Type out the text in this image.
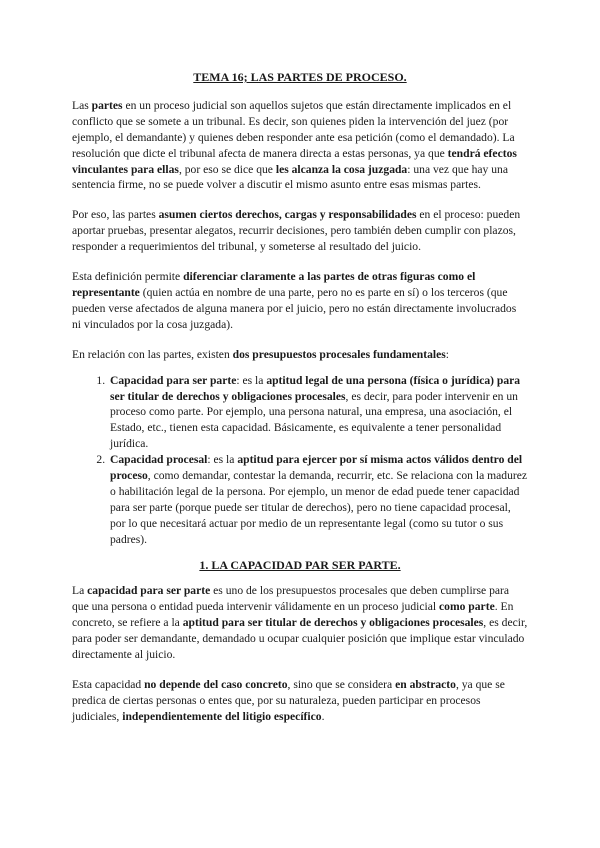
TEMA 16; LAS PARTES DE PROCESO.

Las partes en un proceso judicial son aquellos sujetos que están directamente implicados en el conflicto que se somete a un tribunal. Es decir, son quienes piden la intervención del juez (por ejemplo, el demandante) y quienes deben responder ante esa petición (como el demandado). La resolución que dicte el tribunal afecta de manera directa a estas personas, ya que tendrá efectos vinculantes para ellas, por eso se dice que les alcanza la cosa juzgada: una vez que hay una sentencia firme, no se puede volver a discutir el mismo asunto entre esas mismas partes.

Por eso, las partes asumen ciertos derechos, cargas y responsabilidades en el proceso: pueden aportar pruebas, presentar alegatos, recurrir decisiones, pero también deben cumplir con plazos, responder a requerimientos del tribunal, y someterse al resultado del juicio.

Esta definición permite diferenciar claramente a las partes de otras figuras como el representante (quien actúa en nombre de una parte, pero no es parte en sí) o los terceros (que pueden verse afectados de alguna manera por el juicio, pero no están directamente involucrados ni vinculados por la cosa juzgada).

En relación con las partes, existen dos presupuestos procesales fundamentales:

1. Capacidad para ser parte: es la aptitud legal de una persona (física o jurídica) para ser titular de derechos y obligaciones procesales, es decir, para poder intervenir en un proceso como parte. Por ejemplo, una persona natural, una empresa, una asociación, el Estado, etc., tienen esta capacidad. Básicamente, es equivalente a tener personalidad jurídica.
2. Capacidad procesal: es la aptitud para ejercer por sí misma actos válidos dentro del proceso, como demandar, contestar la demanda, recurrir, etc. Se relaciona con la madurez o habilitación legal de la persona. Por ejemplo, un menor de edad puede tener capacidad para ser parte (porque puede ser titular de derechos), pero no tiene capacidad procesal, por lo que necesitará actuar por medio de un representante legal (como su tutor o sus padres).
1. LA CAPACIDAD PAR SER PARTE.

La capacidad para ser parte es uno de los presupuestos procesales que deben cumplirse para que una persona o entidad pueda intervenir válidamente en un proceso judicial como parte. En concreto, se refiere a la aptitud para ser titular de derechos y obligaciones procesales, es decir, para poder ser demandante, demandado u ocupar cualquier posición que implique estar vinculado directamente al juicio.

Esta capacidad no depende del caso concreto, sino que se considera en abstracto, ya que se predica de ciertas personas o entes que, por su naturaleza, pueden participar en procesos judiciales, independientemente del litigio específico.
